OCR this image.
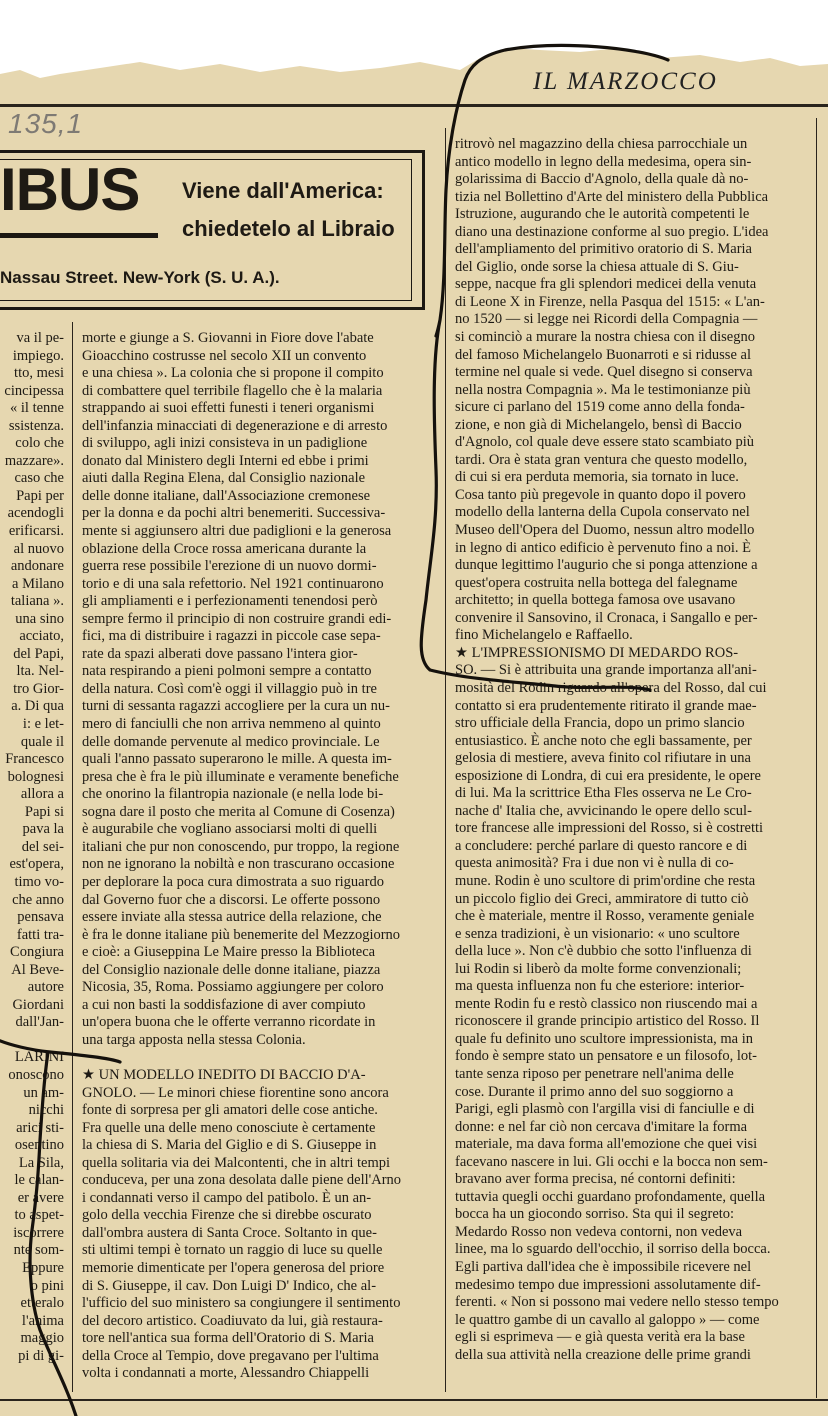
IL MARZOCCO
135,1
IBUS Viene dall'America:
chiedetelo al Libraio
Nassau Street. New-York (S. U. A.).
va il pe-
impiego.
tto, mesi
cincipessa
« il tenne
ssistenza.
colo che
mazzare».
caso che
Papi per
acendogli
erificarsi.
al nuovo
andonare
a Milano
taliana ».
una sino
acciato,
del Papi,
lta. Nel-
tro Gior-
a. Di qua
i: e let-
quale il
Francesco
bolognesi
allora a
Papi si
pava la
del sei-
est'opera,
timo vo-
che anno
pensava
fatti tra-
Congiura
Al Beve-
autore
Giordani
dall'Jan-

LARINI
onoscono
un am-
nicchi
arici sti-
osentino
La Sila,
le calan-
er avere
to aspet-
iscorrere
nte som-
Eppure
o pini
etteralo
l'anima
maggio
pi di gi-
morte e giunge a S. Giovanni in Fiore dove l'abate
Gioacchino costrusse nel secolo XII un convento
e una chiesa ». La colonia che si propone il compito
di combattere quel terribile flagello che è la malaria
strappando ai suoi effetti funesti i teneri organismi
dell'infanzia minacciati di degenerazione e di arresto
di sviluppo, agli inizi consisteva in un padiglione
donato dal Ministero degli Interni ed ebbe i primi
aiuti dalla Regina Elena, dal Consiglio nazionale
delle donne italiane, dall'Associazione cremonese
per la donna e da pochi altri benemeriti. Successiva-
mente si aggiunsero altri due padiglioni e la generosa
oblazione della Croce rossa americana durante la
guerra rese possibile l'erezione di un nuovo dormi-
torio e di una sala refettorio. Nel 1921 continuarono
gli ampliamenti e i perfezionamenti tenendosi però
sempre fermo il principio di non costruire grandi edi-
fici, ma di distribuire i ragazzi in piccole case sepa-
rate da spazi alberati dove passano l'intera gior-
nata respirando a pieni polmoni sempre a contatto
della natura. Così com'è oggi il villaggio può in tre
turni di sessanta ragazzi accogliere per la cura un nu-
mero di fanciulli che non arriva nemmeno al quinto
delle domande pervenute al medico provinciale. Le
quali l'anno passato superarono le mille. A questa im-
presa che è fra le più illuminate e veramente benefiche
che onorino la filantropia nazionale (e nella lode bi-
sogna dare il posto che merita al Comune di Cosenza)
è augurabile che vogliano associarsi molti di quelli
italiani che pur non conoscendo, pur troppo, la regione
non ne ignorano la nobiltà e non trascurano occasione
per deplorare la poca cura dimostrata a suo riguardo
dal Governo fuor che a discorsi. Le offerte possono
essere inviate alla stessa autrice della relazione, che
è fra le donne italiane più benemerite del Mezzogiorno
e cioè: a Giuseppina Le Maire presso la Biblioteca
del Consiglio nazionale delle donne italiane, piazza
Nicosia, 35, Roma. Possiamo aggiungere per coloro
a cui non basti la soddisfazione di aver compiuto
un'opera buona che le offerte verranno ricordate in
una targa apposta nella stessa Colonia.

★ UN MODELLO INEDITO DI BACCIO D'A-
GNOLO. — Le minori chiese fiorentine sono ancora
fonte di sorpresa per gli amatori delle cose antiche.
Fra quelle una delle meno conosciute è certamente
la chiesa di S. Maria del Giglio e di S. Giuseppe in
quella solitaria via dei Malcontenti, che in altri tempi
conduceva, per una zona desolata dalle piene dell'Arno
i condannati verso il campo del patibolo. È un an-
golo della vecchia Firenze che si direbbe oscurato
dall'ombra austera di Santa Croce. Soltanto in que-
sti ultimi tempi è tornato un raggio di luce su quelle
memorie dimenticate per l'opera generosa del priore
di S. Giuseppe, il cav. Don Luigi D' Indico, che al-
l'ufficio del suo ministero sa congiungere il sentimento
del decoro artistico. Coadiuvato da lui, già restaura-
tore nell'antica sua forma dell'Oratorio di S. Maria
della Croce al Tempio, dove pregavano per l'ultima
volta i condannati a morte, Alessandro Chiappelli
ritrovò nel magazzino della chiesa parrocchiale un
antico modello in legno della medesima, opera sin-
golarissima di Baccio d'Agnolo, della quale dà no-
tizia nel Bollettino d'Arte del ministero della Pubblica
Istruzione, augurando che le autorità competenti le
diano una destinazione conforme al suo pregio. L'idea
dell'ampliamento del primitivo oratorio di S. Maria
del Giglio, onde sorse la chiesa attuale di S. Giu-
seppe, nacque fra gli splendori medicei della venuta
di Leone X in Firenze, nella Pasqua del 1515: « L'an-
no 1520 — si legge nei Ricordi della Compagnia —
si cominciò a murare la nostra chiesa con il disegno
del famoso Michelangelo Buonarroti e si ridusse al
termine nel quale si vede. Quel disegno si conserva
nella nostra Compagnia ». Ma le testimonianze più
sicure ci parlano del 1519 come anno della fonda-
zione, e non già di Michelangelo, bensì di Baccio
d'Agnolo, col quale deve essere stato scambiato più
tardi. Ora è stata gran ventura che questo modello,
di cui si era perduta memoria, sia tornato in luce.
Cosa tanto più pregevole in quanto dopo il povero
modello della lanterna della Cupola conservato nel
Museo dell'Opera del Duomo, nessun altro modello
in legno di antico edificio è pervenuto fino a noi. È
dunque legittimo l'augurio che si ponga attenzione a
quest'opera costruita nella bottega del falegname
architetto; in quella bottega famosa ove usavano
convenire il Sansovino, il Cronaca, i Sangallo e per-
fino Michelangelo e Raffaello.
★ L'IMPRESSIONISMO DI MEDARDO ROS-
SO. — Si è attribuita una grande importanza all'ani-
mosità del Rodin riguardo all'opera del Rosso, dal cui
contatto si era prudentemente ritirato il grande mae-
stro ufficiale della Francia, dopo un primo slancio
entusiastico. È anche noto che egli bassamente, per
gelosia di mestiere, aveva finito col rifiutare in una
esposizione di Londra, di cui era presidente, le opere
di lui. Ma la scrittrice Etha Fles osserva ne Le Cro-
nache d' Italia che, avvicinando le opere dello scul-
tore francese alle impressioni del Rosso, si è costretti
a concludere: perché parlare di questo rancore e di
questa animosità? Fra i due non vi è nulla di co-
mune. Rodin è uno scultore di prim'ordine che resta
un piccolo figlio dei Greci, ammiratore di tutto ciò
che è materiale, mentre il Rosso, veramente geniale
e senza tradizioni, è un visionario: « uno scultore
della luce ». Non c'è dubbio che sotto l'influenza di
lui Rodin si liberò da molte forme convenzionali;
ma questa influenza non fu che esteriore: interior-
mente Rodin fu e restò classico non riuscendo mai a
riconoscere il grande principio artistico del Rosso. Il
quale fu definito uno scultore impressionista, ma in
fondo è sempre stato un pensatore e un filosofo, lot-
tante senza riposo per penetrare nell'anima delle
cose. Durante il primo anno del suo soggiorno a
Parigi, egli plasmò con l'argilla visi di fanciulle e di
donne: e nel far ciò non cercava d'imitare la forma
materiale, ma dava forma all'emozione che quei visi
facevano nascere in lui. Gli occhi e la bocca non sem-
bravano aver forma precisa, né contorni definiti:
tuttavia quegli occhi guardano profondamente, quella
bocca ha un giocondo sorriso. Sta qui il segreto:
Medardo Rosso non vedeva contorni, non vedeva
linee, ma lo sguardo dell'occhio, il sorriso della bocca.
Egli partiva dall'idea che è impossibile ricevere nel
medesimo tempo due impressioni assolutamente dif-
ferenti. « Non si possono mai vedere nello stesso tempo
le quattro gambe di un cavallo al galoppo » — come
egli si esprimeva — e già questa verità era la base
della sua attività nella creazione delle prime grandi
